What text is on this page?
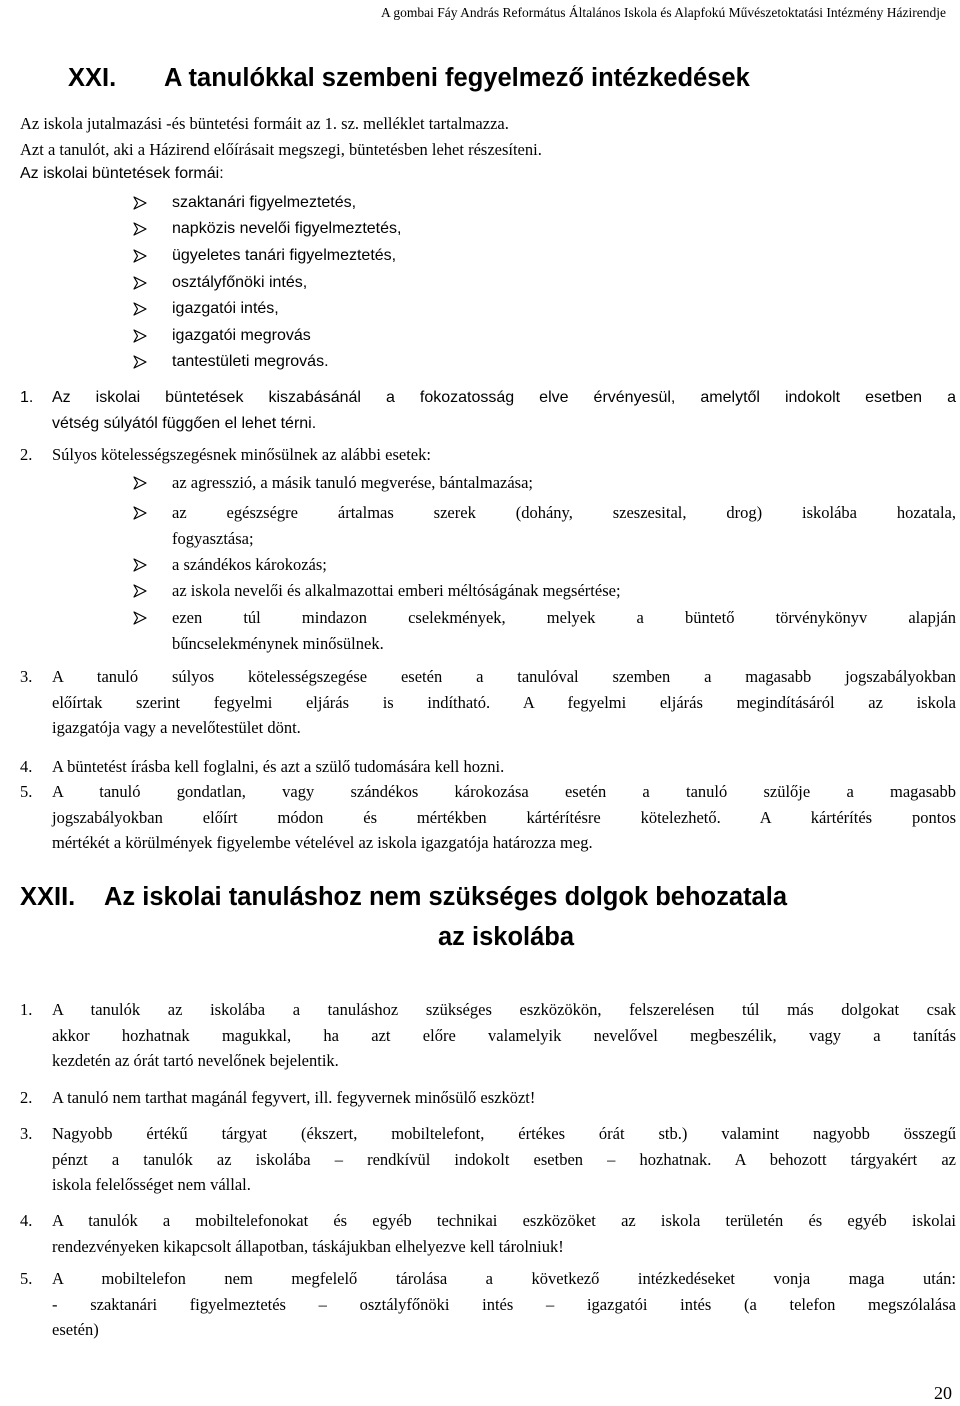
A gombai Fáy András Református Általános Iskola és Alapfokú Művészetoktatási Intézmény Házirendje
XXI. A tanulókkal szembeni fegyelmező intézkedések
Az iskola jutalmazási -és büntetési formáit az 1. sz. melléklet tartalmazza.
Azt a tanulót, aki a Házirend előírásait megszegi, büntetésben lehet részesíteni.
Az iskolai büntetések formái:
szaktanári figyelmeztetés,
napközis nevelői figyelmeztetés,
ügyeletes tanári figyelmeztetés,
osztályfőnöki intés,
igazgatói intés,
igazgatói megrovás
tantestületi megrovás.
1. Az iskolai büntetések kiszabásánál a fokozatosság elve érvényesül, amelytől indokolt esetben a
vétség súlyától függően el lehet térni.
2. Súlyos kötelességszegésnek minősülnek az alábbi esetek:
az agresszió, a másik tanuló megverése, bántalmazása;
az egészségre ártalmas szerek (dohány, szeszesital, drog) iskolába hozatala,
fogyasztása;
a szándékos károkozás;
az iskola nevelői és alkalmazottai emberi méltóságának megsértése;
ezen túl mindazon cselekmények, melyek a büntető törvénykönyv alapján
bűncselekménynek minősülnek.
3. A tanuló súlyos kötelességszegése esetén a tanulóval szemben a magasabb jogszabályokban
előírtak szerint fegyelmi eljárás is indítható. A fegyelmi eljárás megindításáról az iskola
igazgatója vagy a nevelőtestület dönt.
4. A büntetést írásba kell foglalni, és azt a szülő tudomására kell hozni.
5. A tanuló gondatlan, vagy szándékos károkozása esetén a tanuló szülője a magasabb
jogszabályokban előírt módon és mértékben kártérítésre kötelezhető. A kártérítés pontos
mértékét a körülmények figyelembe vételével az iskola igazgatója határozza meg.
XXII. Az iskolai tanuláshoz nem szükséges dolgok behozatala
az iskolába
1. A tanulók az iskolába a tanuláshoz szükséges eszközökön, felszerelésen túl más dolgokat csak
akkor hozhatnak magukkal, ha azt előre valamelyik nevelővel megbeszélik, vagy a tanítás
kezdetén az órát tartó nevelőnek bejelentik.
2. A tanuló nem tarthat magánál fegyvert, ill. fegyvernek minősülő eszközt!
3. Nagyobb értékű tárgyat (ékszert, mobiltelefont, értékes órát stb.) valamint nagyobb összegű
pénzt a tanulók az iskolába – rendkívül indokolt esetben – hozhatnak. A behozott tárgyakért az
iskola felelősséget nem vállal.
4. A tanulók a mobiltelefonokat és egyéb technikai eszközöket az iskola területén és egyéb iskolai
rendezvényeken kikapcsolt állapotban, táskájukban elhelyezve kell tárolniuk!
5. A mobiltelefon nem megfelelő tárolása a következő intézkedéseket vonja maga után:
- szaktanári figyelmeztetés – osztályfőnöki intés – igazgatói intés (a telefon megszólalása
esetén)
20
